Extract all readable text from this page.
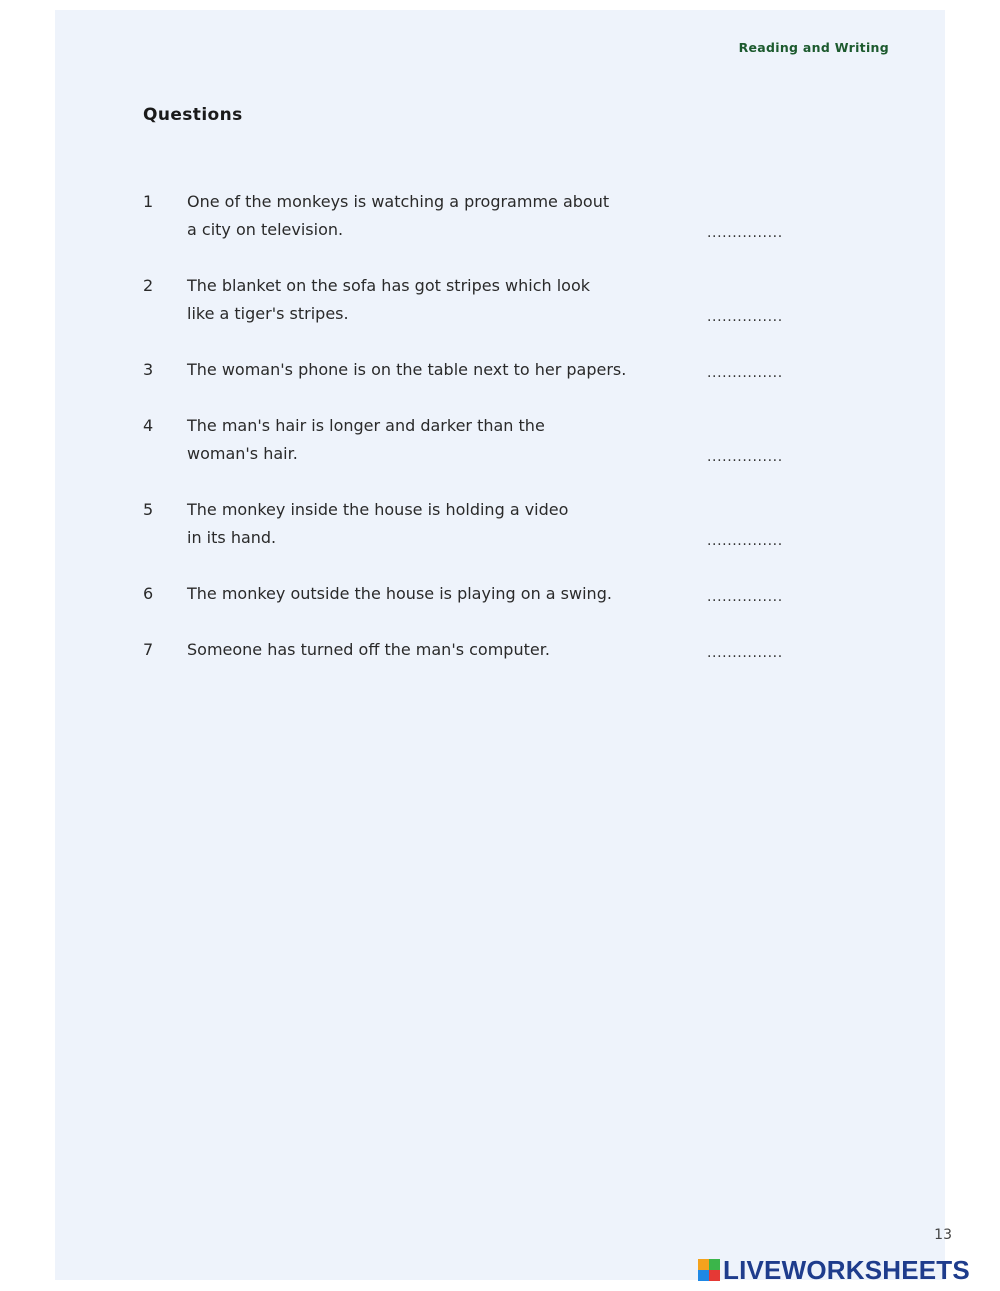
Reading and Writing
Questions
1	One of the monkeys is watching a programme about
a city on television.	...............
2	The blanket on the sofa has got stripes which look
like a tiger's stripes.	...............
3	The woman's phone is on the table next to her papers.	...............
4	The man's hair is longer and darker than the
woman's hair.	...............
5	The monkey inside the house is holding a video
in its hand.	...............
6	The monkey outside the house is playing on a swing.	...............
7	Someone has turned off the man's computer.	...............
13
LIVEWORKSHEETS
